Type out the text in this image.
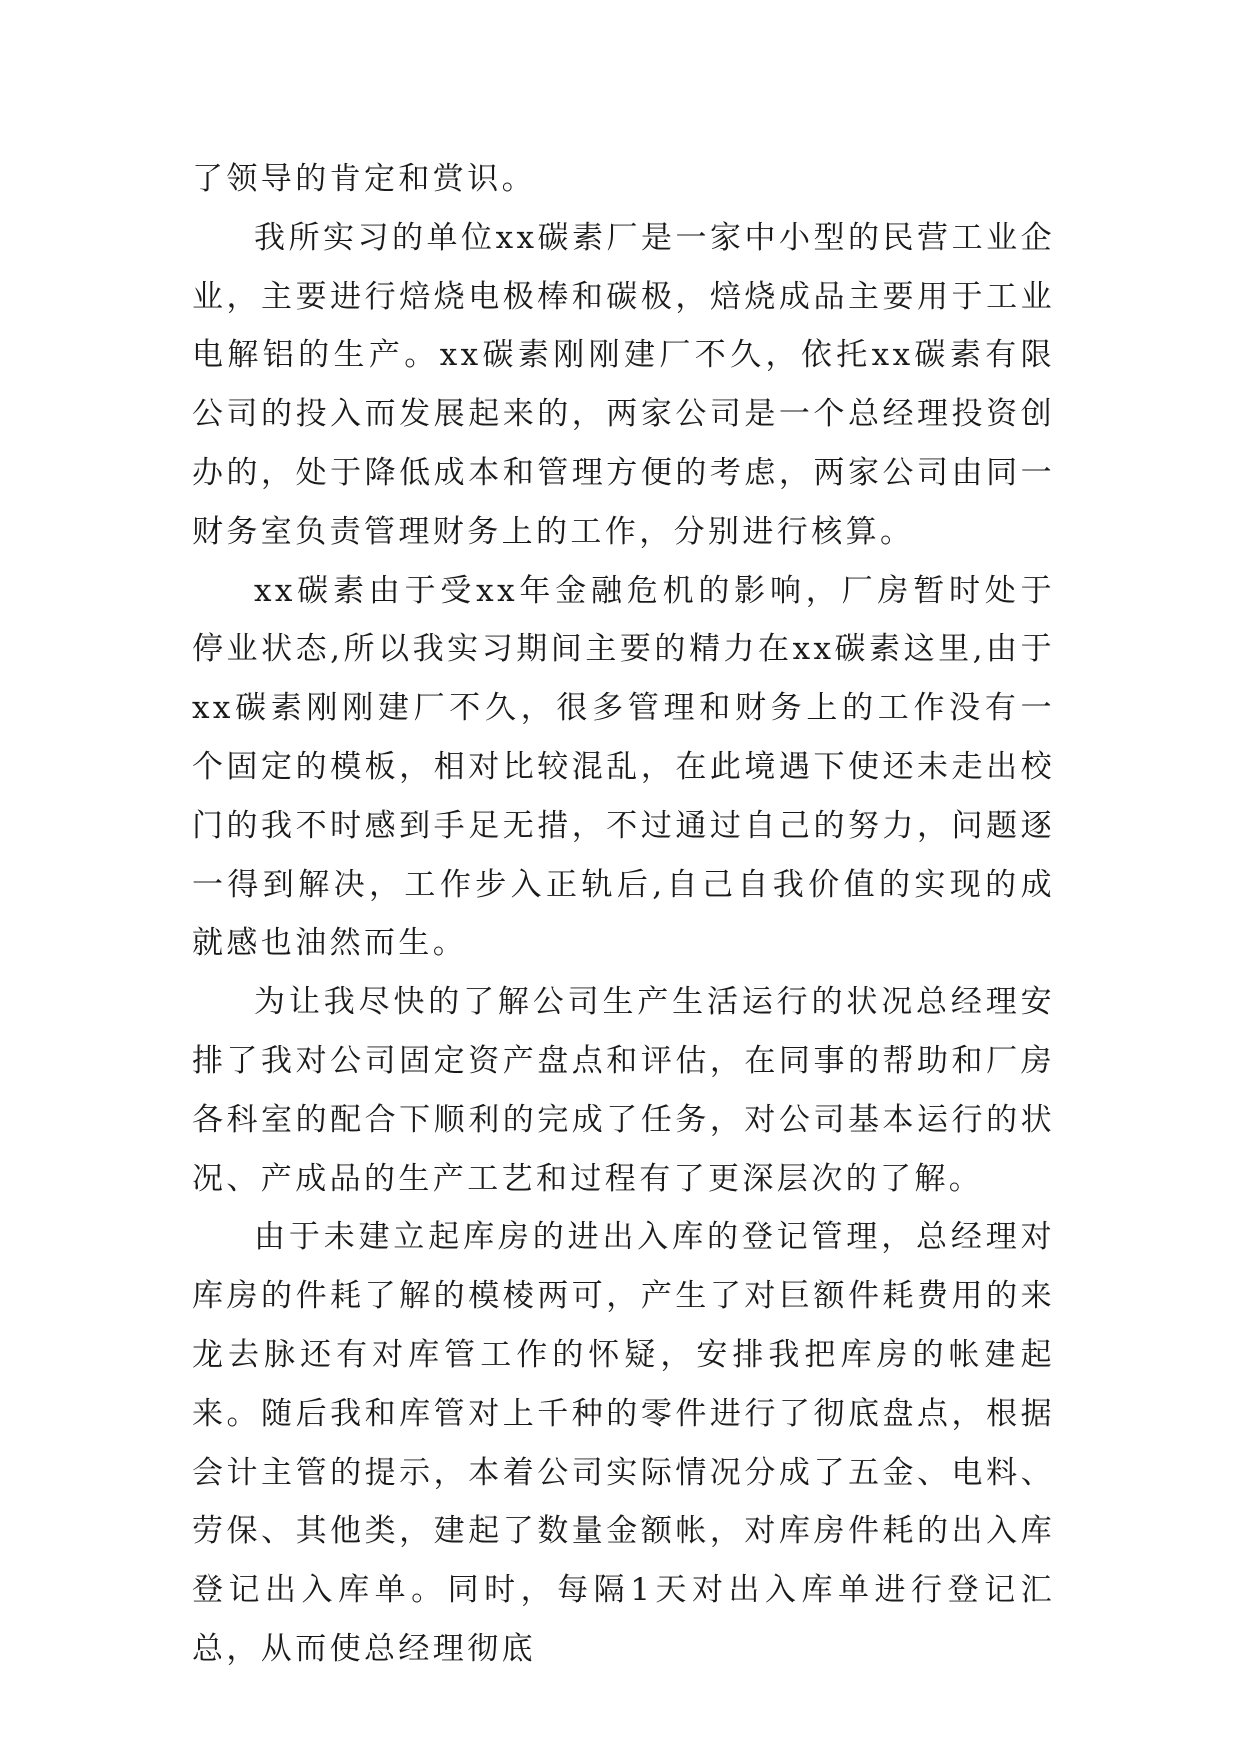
了领导的肯定和赏识。

我所实习的单位xx碳素厂是一家中小型的民营工业企业，主要进行焙烧电极棒和碳极，焙烧成品主要用于工业电解铝的生产。xx碳素刚刚建厂不久，依托xx碳素有限公司的投入而发展起来的，两家公司是一个总经理投资创办的，处于降低成本和管理方便的考虑，两家公司由同一财务室负责管理财务上的工作，分别进行核算。

xx碳素由于受xx年金融危机的影响，厂房暂时处于停业状态,所以我实习期间主要的精力在xx碳素这里,由于xx碳素刚刚建厂不久，很多管理和财务上的工作没有一个固定的模板，相对比较混乱，在此境遇下使还未走出校门的我不时感到手足无措，不过通过自己的努力，问题逐一得到解决，工作步入正轨后,自己自我价值的实现的成就感也油然而生。

为让我尽快的了解公司生产生活运行的状况总经理安排了我对公司固定资产盘点和评估，在同事的帮助和厂房各科室的配合下顺利的完成了任务，对公司基本运行的状况、产成品的生产工艺和过程有了更深层次的了解。

由于未建立起库房的进出入库的登记管理，总经理对库房的件耗了解的模棱两可，产生了对巨额件耗费用的来龙去脉还有对库管工作的怀疑，安排我把库房的帐建起来。随后我和库管对上千种的零件进行了彻底盘点，根据会计主管的提示，本着公司实际情况分成了五金、电料、劳保、其他类，建起了数量金额帐，对库房件耗的出入库登记出入库单。同时，每隔1天对出入库单进行登记汇总，从而使总经理彻底
